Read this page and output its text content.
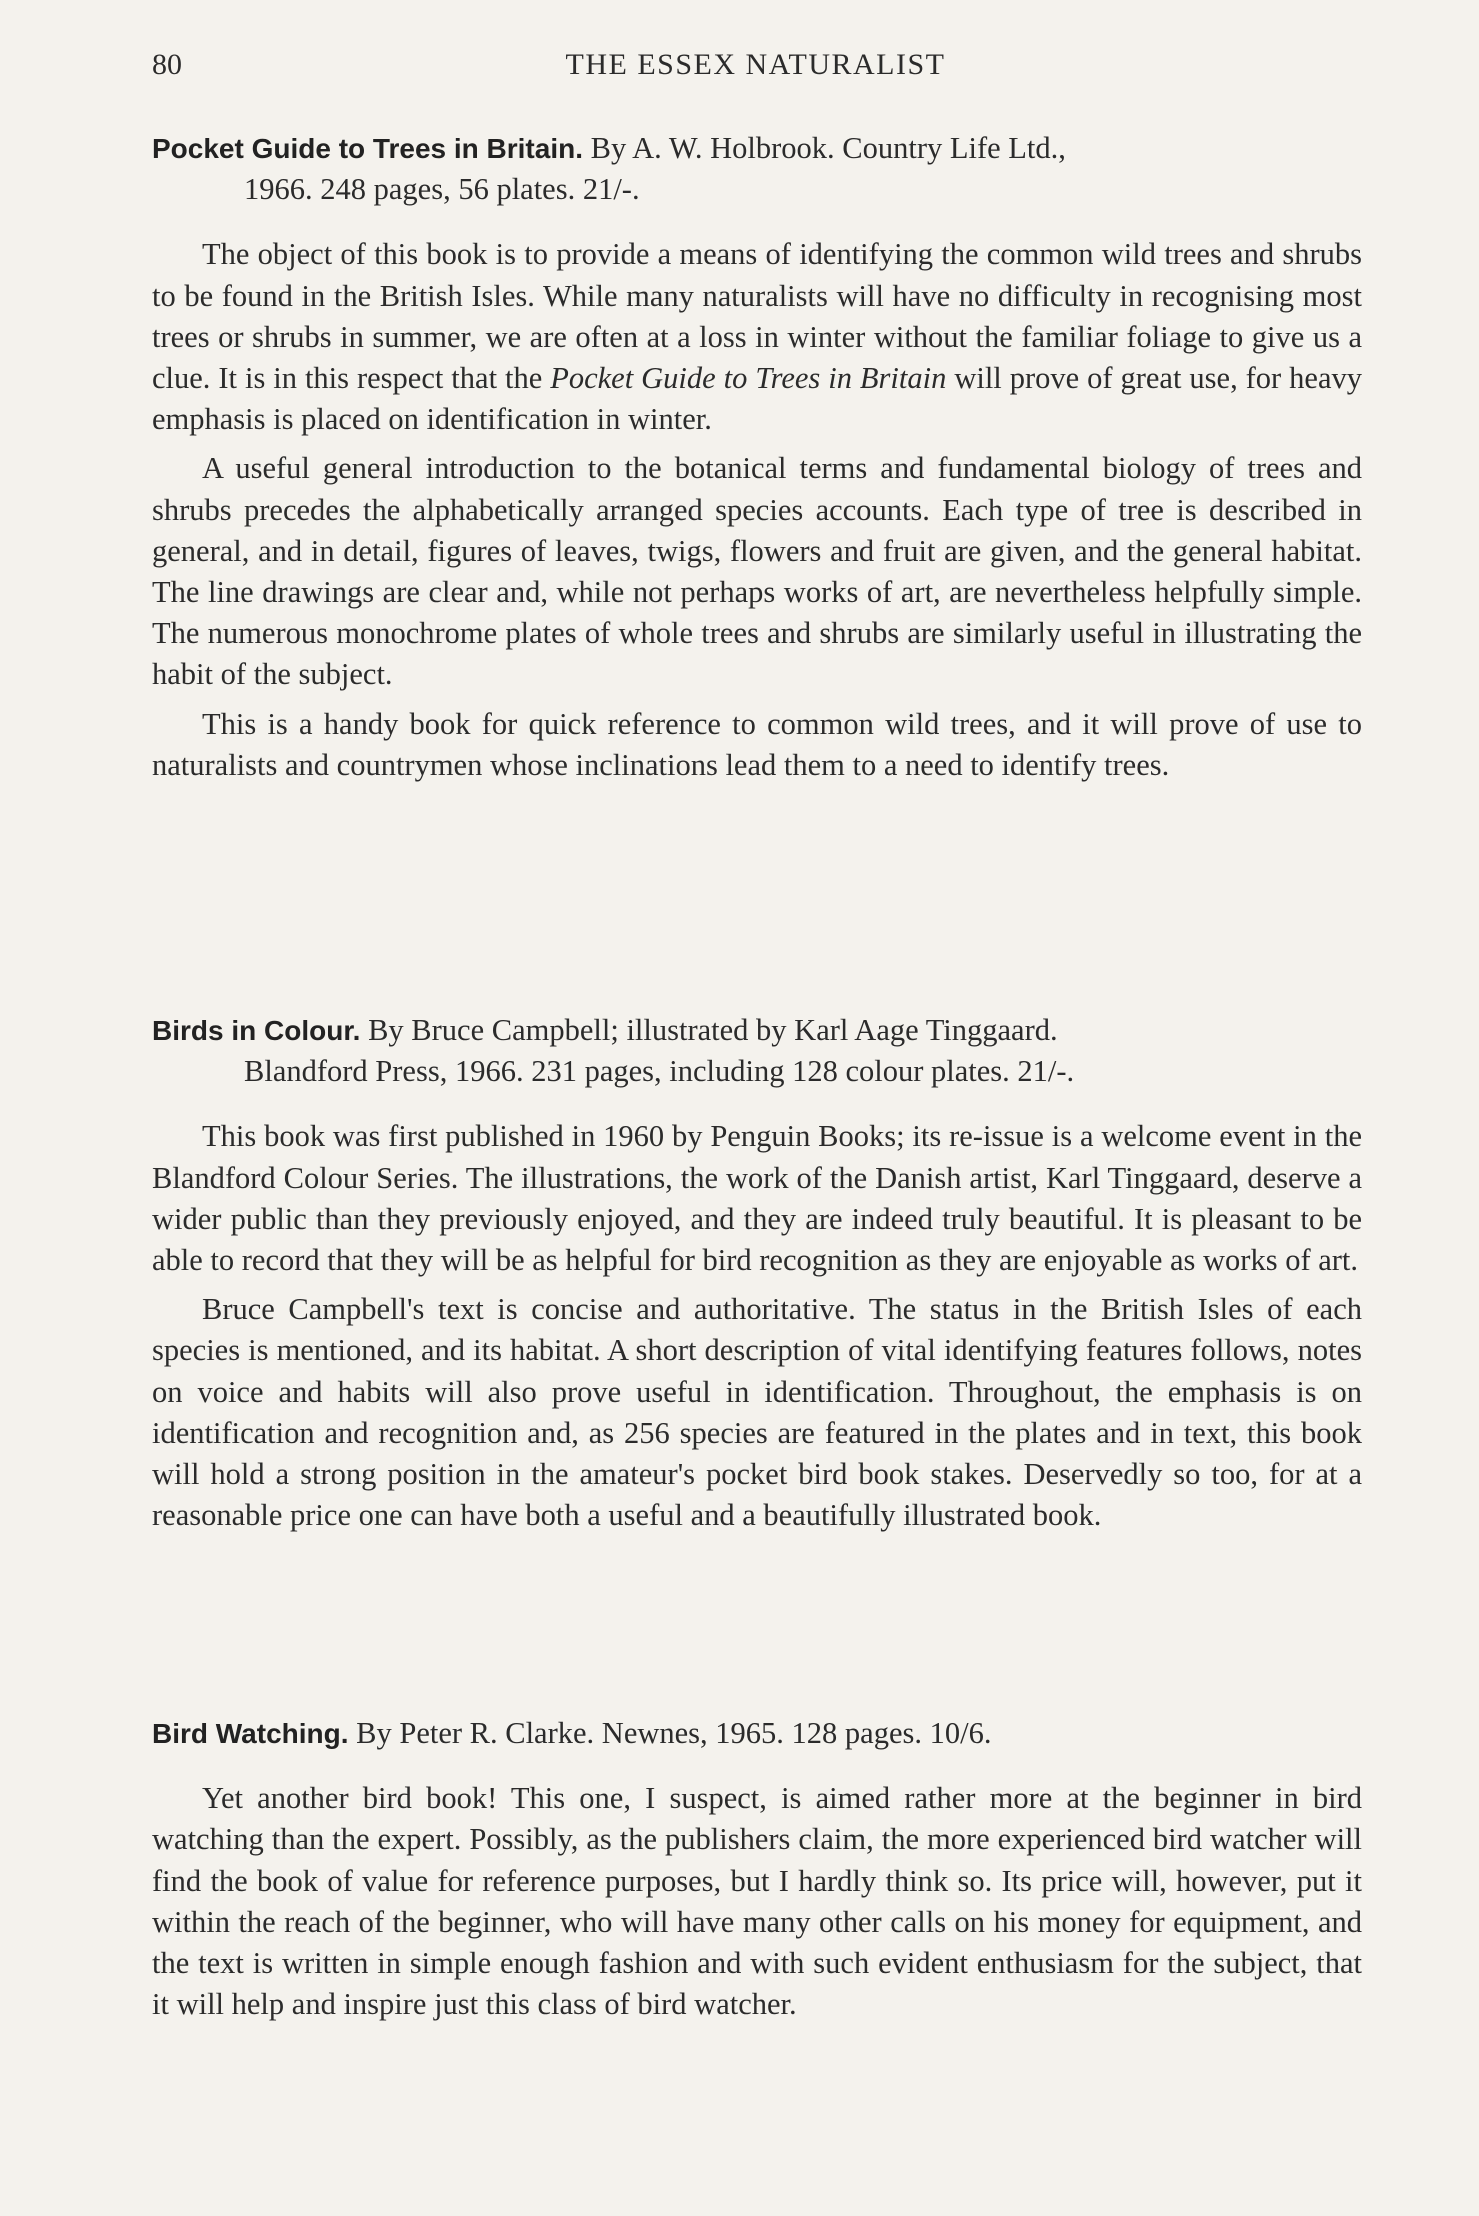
80	THE ESSEX NATURALIST

Pocket Guide to Trees in Britain. By A. W. Holbrook. Country Life Ltd.,
1966. 248 pages, 56 plates. 21/-.

The object of this book is to provide a means of identifying the common wild trees and shrubs to be found in the British Isles. While many naturalists will have no difficulty in recognising most trees or shrubs in summer, we are often at a loss in winter without the familiar foliage to give us a clue. It is in this respect that the Pocket Guide to Trees in Britain will prove of great use, for heavy emphasis is placed on identification in winter.

A useful general introduction to the botanical terms and fundamental biology of trees and shrubs precedes the alphabetically arranged species accounts. Each type of tree is described in general, and in detail, figures of leaves, twigs, flowers and fruit are given, and the general habitat. The line drawings are clear and, while not perhaps works of art, are nevertheless helpfully simple. The numerous monochrome plates of whole trees and shrubs are similarly useful in illustrating the habit of the subject.

This is a handy book for quick reference to common wild trees, and it will prove of use to naturalists and countrymen whose inclinations lead them to a need to identify trees.

Birds in Colour. By Bruce Campbell; illustrated by Karl Aage Tinggaard.
Blandford Press, 1966. 231 pages, including 128 colour plates. 21/-.

This book was first published in 1960 by Penguin Books; its re-issue is a welcome event in the Blandford Colour Series. The illustrations, the work of the Danish artist, Karl Tinggaard, deserve a wider public than they previously enjoyed, and they are indeed truly beautiful. It is pleasant to be able to record that they will be as helpful for bird recognition as they are enjoyable as works of art.

Bruce Campbell's text is concise and authoritative. The status in the British Isles of each species is mentioned, and its habitat. A short description of vital identifying features follows, notes on voice and habits will also prove useful in identification. Throughout, the emphasis is on identification and recognition and, as 256 species are featured in the plates and in text, this book will hold a strong position in the amateur's pocket bird book stakes. Deservedly so too, for at a reasonable price one can have both a useful and a beautifully illustrated book.

Bird Watching. By Peter R. Clarke. Newnes, 1965. 128 pages. 10/6.

Yet another bird book! This one, I suspect, is aimed rather more at the beginner in bird watching than the expert. Possibly, as the publishers claim, the more experienced bird watcher will find the book of value for reference purposes, but I hardly think so. Its price will, however, put it within the reach of the beginner, who will have many other calls on his money for equipment, and the text is written in simple enough fashion and with such evident enthusiasm for the subject, that it will help and inspire just this class of bird watcher.
